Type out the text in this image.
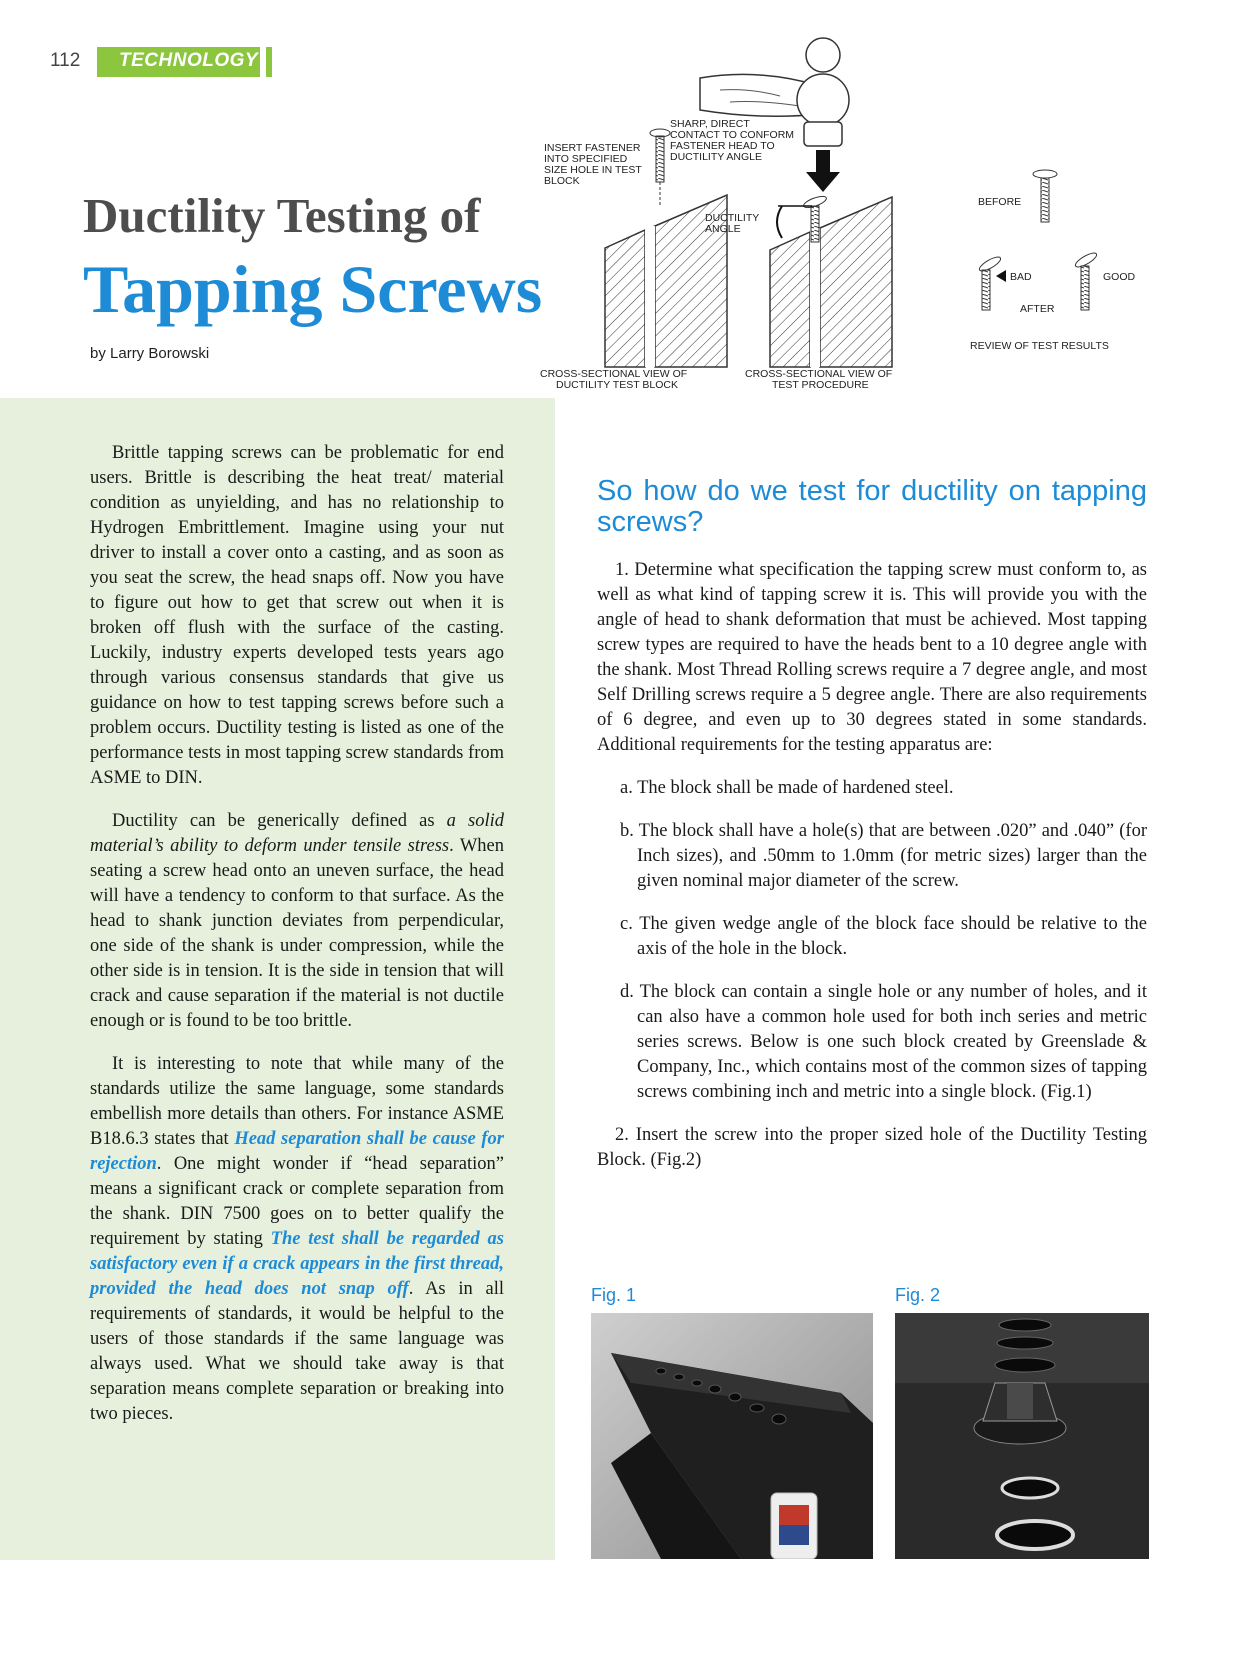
112 TECHNOLOGY
Ductility Testing of
Tapping Screws
by Larry Borowski
INSERT FASTENER
INTO SPECIFIED
SIZE HOLE IN TEST
BLOCK
CROSS-SECTIONAL VIEW OF
DUCTILITY TEST BLOCK
SHARP, DIRECT
CONTACT TO CONFORM
FASTENER HEAD TO
DUCTILITY ANGLE
DUCTILITY
ANGLE
CROSS-SECTIONAL VIEW OF
TEST PROCEDURE
BEFORE
BAD	GOOD
AFTER
REVIEW OF TEST RESULTS

Brittle tapping screws can be problematic for end users. Brittle is describing the heat treat/ material condition as unyielding, and has no relationship to Hydrogen Embrittlement. Imagine using your nut driver to install a cover onto a casting, and as soon as you seat the screw, the head snaps off. Now you have to figure out how to get that screw out when it is broken off flush with the surface of the casting. Luckily, industry experts developed tests years ago through various consensus standards that give us guidance on how to test tapping screws before such a problem occurs. Ductility testing is listed as one of the performance tests in most tapping screw standards from ASME to DIN.

Ductility can be generically defined as a solid material’s ability to deform under tensile stress. When seating a screw head onto an uneven surface, the head will have a tendency to conform to that surface. As the head to shank junction deviates from perpendicular, one side of the shank is under compression, while the other side is in tension. It is the side in tension that will crack and cause separation if the material is not ductile enough or is found to be too brittle.

It is interesting to note that while many of the standards utilize the same language, some standards embellish more details than others. For instance ASME B18.6.3 states that Head separation shall be cause for rejection. One might wonder if “head separation” means a significant crack or complete separation from the shank. DIN 7500 goes on to better qualify the requirement by stating The test shall be regarded as satisfactory even if a crack appears in the first thread, provided the head does not snap off. As in all requirements of standards, it would be helpful to the users of those standards if the same language was always used. What we should take away is that separation means complete separation or breaking into two pieces.

So how do we test for ductility on tapping screws?

1. Determine what specification the tapping screw must conform to, as well as what kind of tapping screw it is. This will provide you with the angle of head to shank deformation that must be achieved. Most tapping screw types are required to have the heads bent to a 10 degree angle with the shank. Most Thread Rolling screws require a 7 degree angle, and most Self Drilling screws require a 5 degree angle. There are also requirements of 6 degree, and even up to 30 degrees stated in some standards. Additional requirements for the testing apparatus are:

a. The block shall be made of hardened steel.

b. The block shall have a hole(s) that are between .020” and .040” (for Inch sizes), and .50mm to 1.0mm (for metric sizes) larger than the given nominal major diameter of the screw.

c. The given wedge angle of the block face should be relative to the axis of the hole in the block.

d. The block can contain a single hole or any number of holes, and it can also have a common hole used for both inch series and metric series screws. Below is one such block created by Greenslade & Company, Inc., which contains most of the common sizes of tapping screws combining inch and metric into a single block. (Fig.1)

2. Insert the screw into the proper sized hole of the Ductility Testing Block. (Fig.2)

Fig. 1	Fig. 2
